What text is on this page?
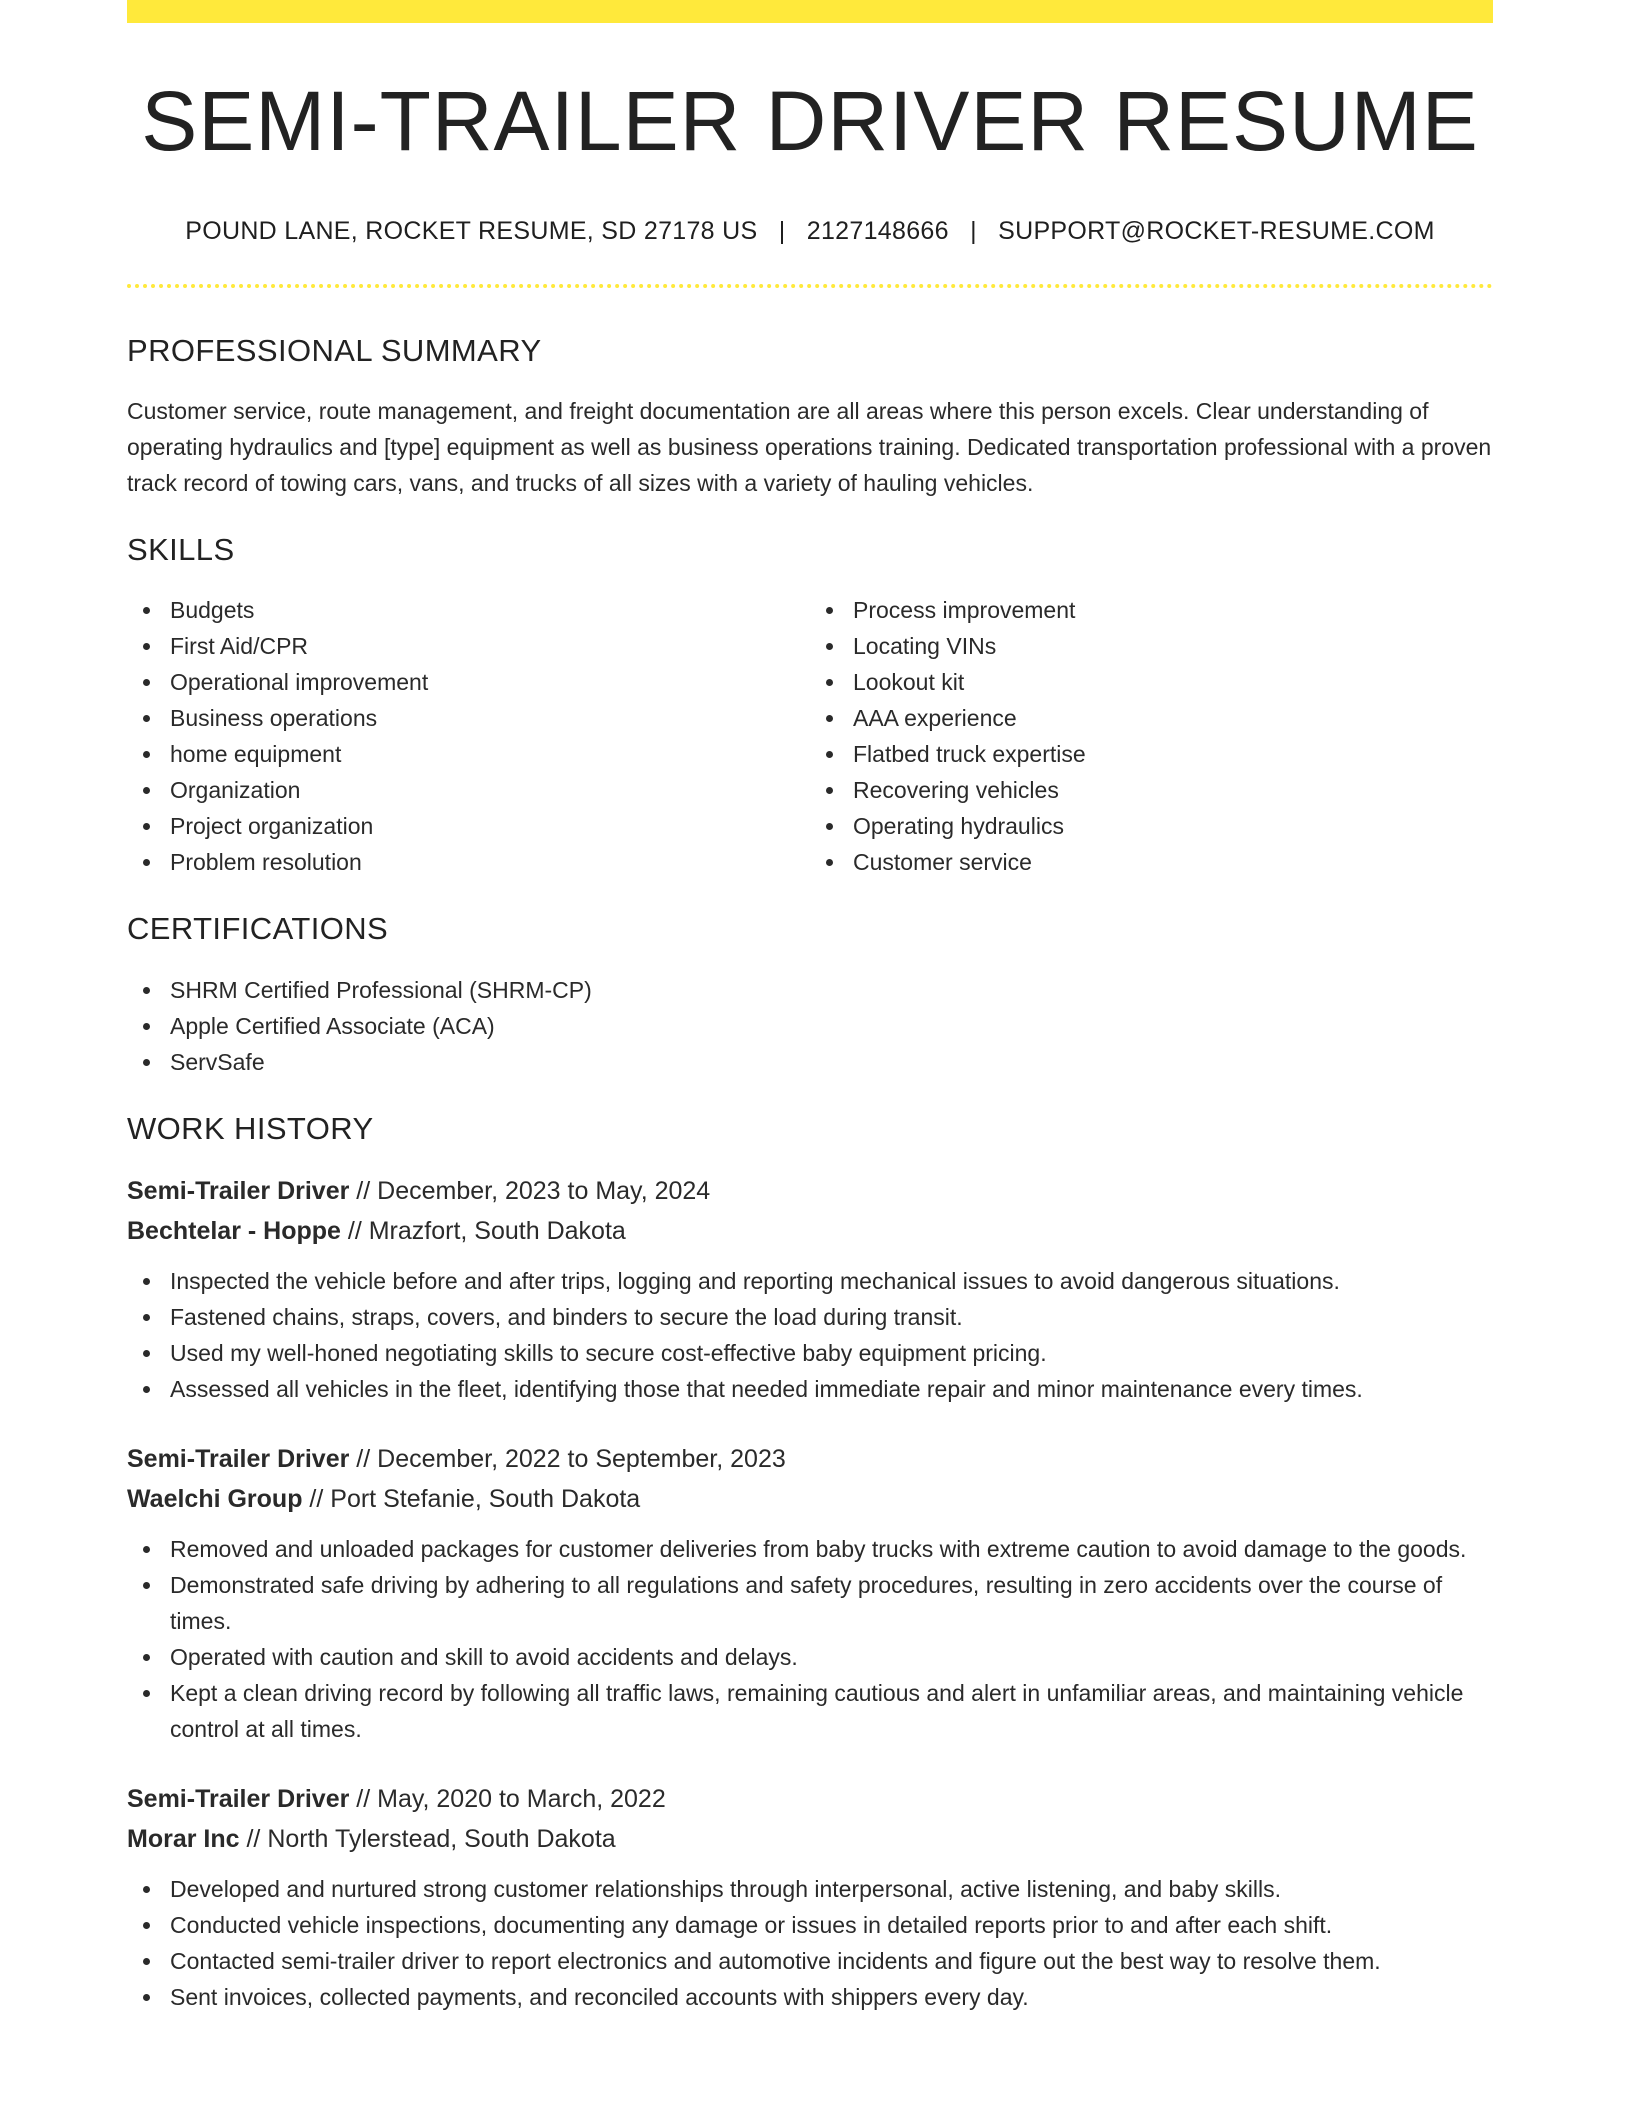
SEMI-TRAILER DRIVER RESUME
POUND LANE, ROCKET RESUME, SD 27178 US | 2127148666 | SUPPORT@ROCKET-RESUME.COM
PROFESSIONAL SUMMARY

Customer service, route management, and freight documentation are all areas where this person excels. Clear understanding of operating hydraulics and [type] equipment as well as business operations training. Dedicated transportation professional with a proven track record of towing cars, vans, and trucks of all sizes with a variety of hauling vehicles.

SKILLS
Budgets
First Aid/CPR
Operational improvement
Business operations
home equipment
Organization
Project organization
Problem resolution
Process improvement
Locating VINs
Lookout kit
AAA experience
Flatbed truck expertise
Recovering vehicles
Operating hydraulics
Customer service
CERTIFICATIONS
SHRM Certified Professional (SHRM-CP)
Apple Certified Associate (ACA)
ServSafe
WORK HISTORY
Semi-Trailer Driver // December, 2023 to May, 2024
Bechtelar - Hoppe // Mrazfort, South Dakota
Inspected the vehicle before and after trips, logging and reporting mechanical issues to avoid dangerous situations.
Fastened chains, straps, covers, and binders to secure the load during transit.
Used my well-honed negotiating skills to secure cost-effective baby equipment pricing.
Assessed all vehicles in the fleet, identifying those that needed immediate repair and minor maintenance every times.
Semi-Trailer Driver // December, 2022 to September, 2023
Waelchi Group // Port Stefanie, South Dakota
Removed and unloaded packages for customer deliveries from baby trucks with extreme caution to avoid damage to the goods.
Demonstrated safe driving by adhering to all regulations and safety procedures, resulting in zero accidents over the course of times.
Operated with caution and skill to avoid accidents and delays.
Kept a clean driving record by following all traffic laws, remaining cautious and alert in unfamiliar areas, and maintaining vehicle control at all times.
Semi-Trailer Driver // May, 2020 to March, 2022
Morar Inc // North Tylerstead, South Dakota
Developed and nurtured strong customer relationships through interpersonal, active listening, and baby skills.
Conducted vehicle inspections, documenting any damage or issues in detailed reports prior to and after each shift.
Contacted semi-trailer driver to report electronics and automotive incidents and figure out the best way to resolve them.
Sent invoices, collected payments, and reconciled accounts with shippers every day.
